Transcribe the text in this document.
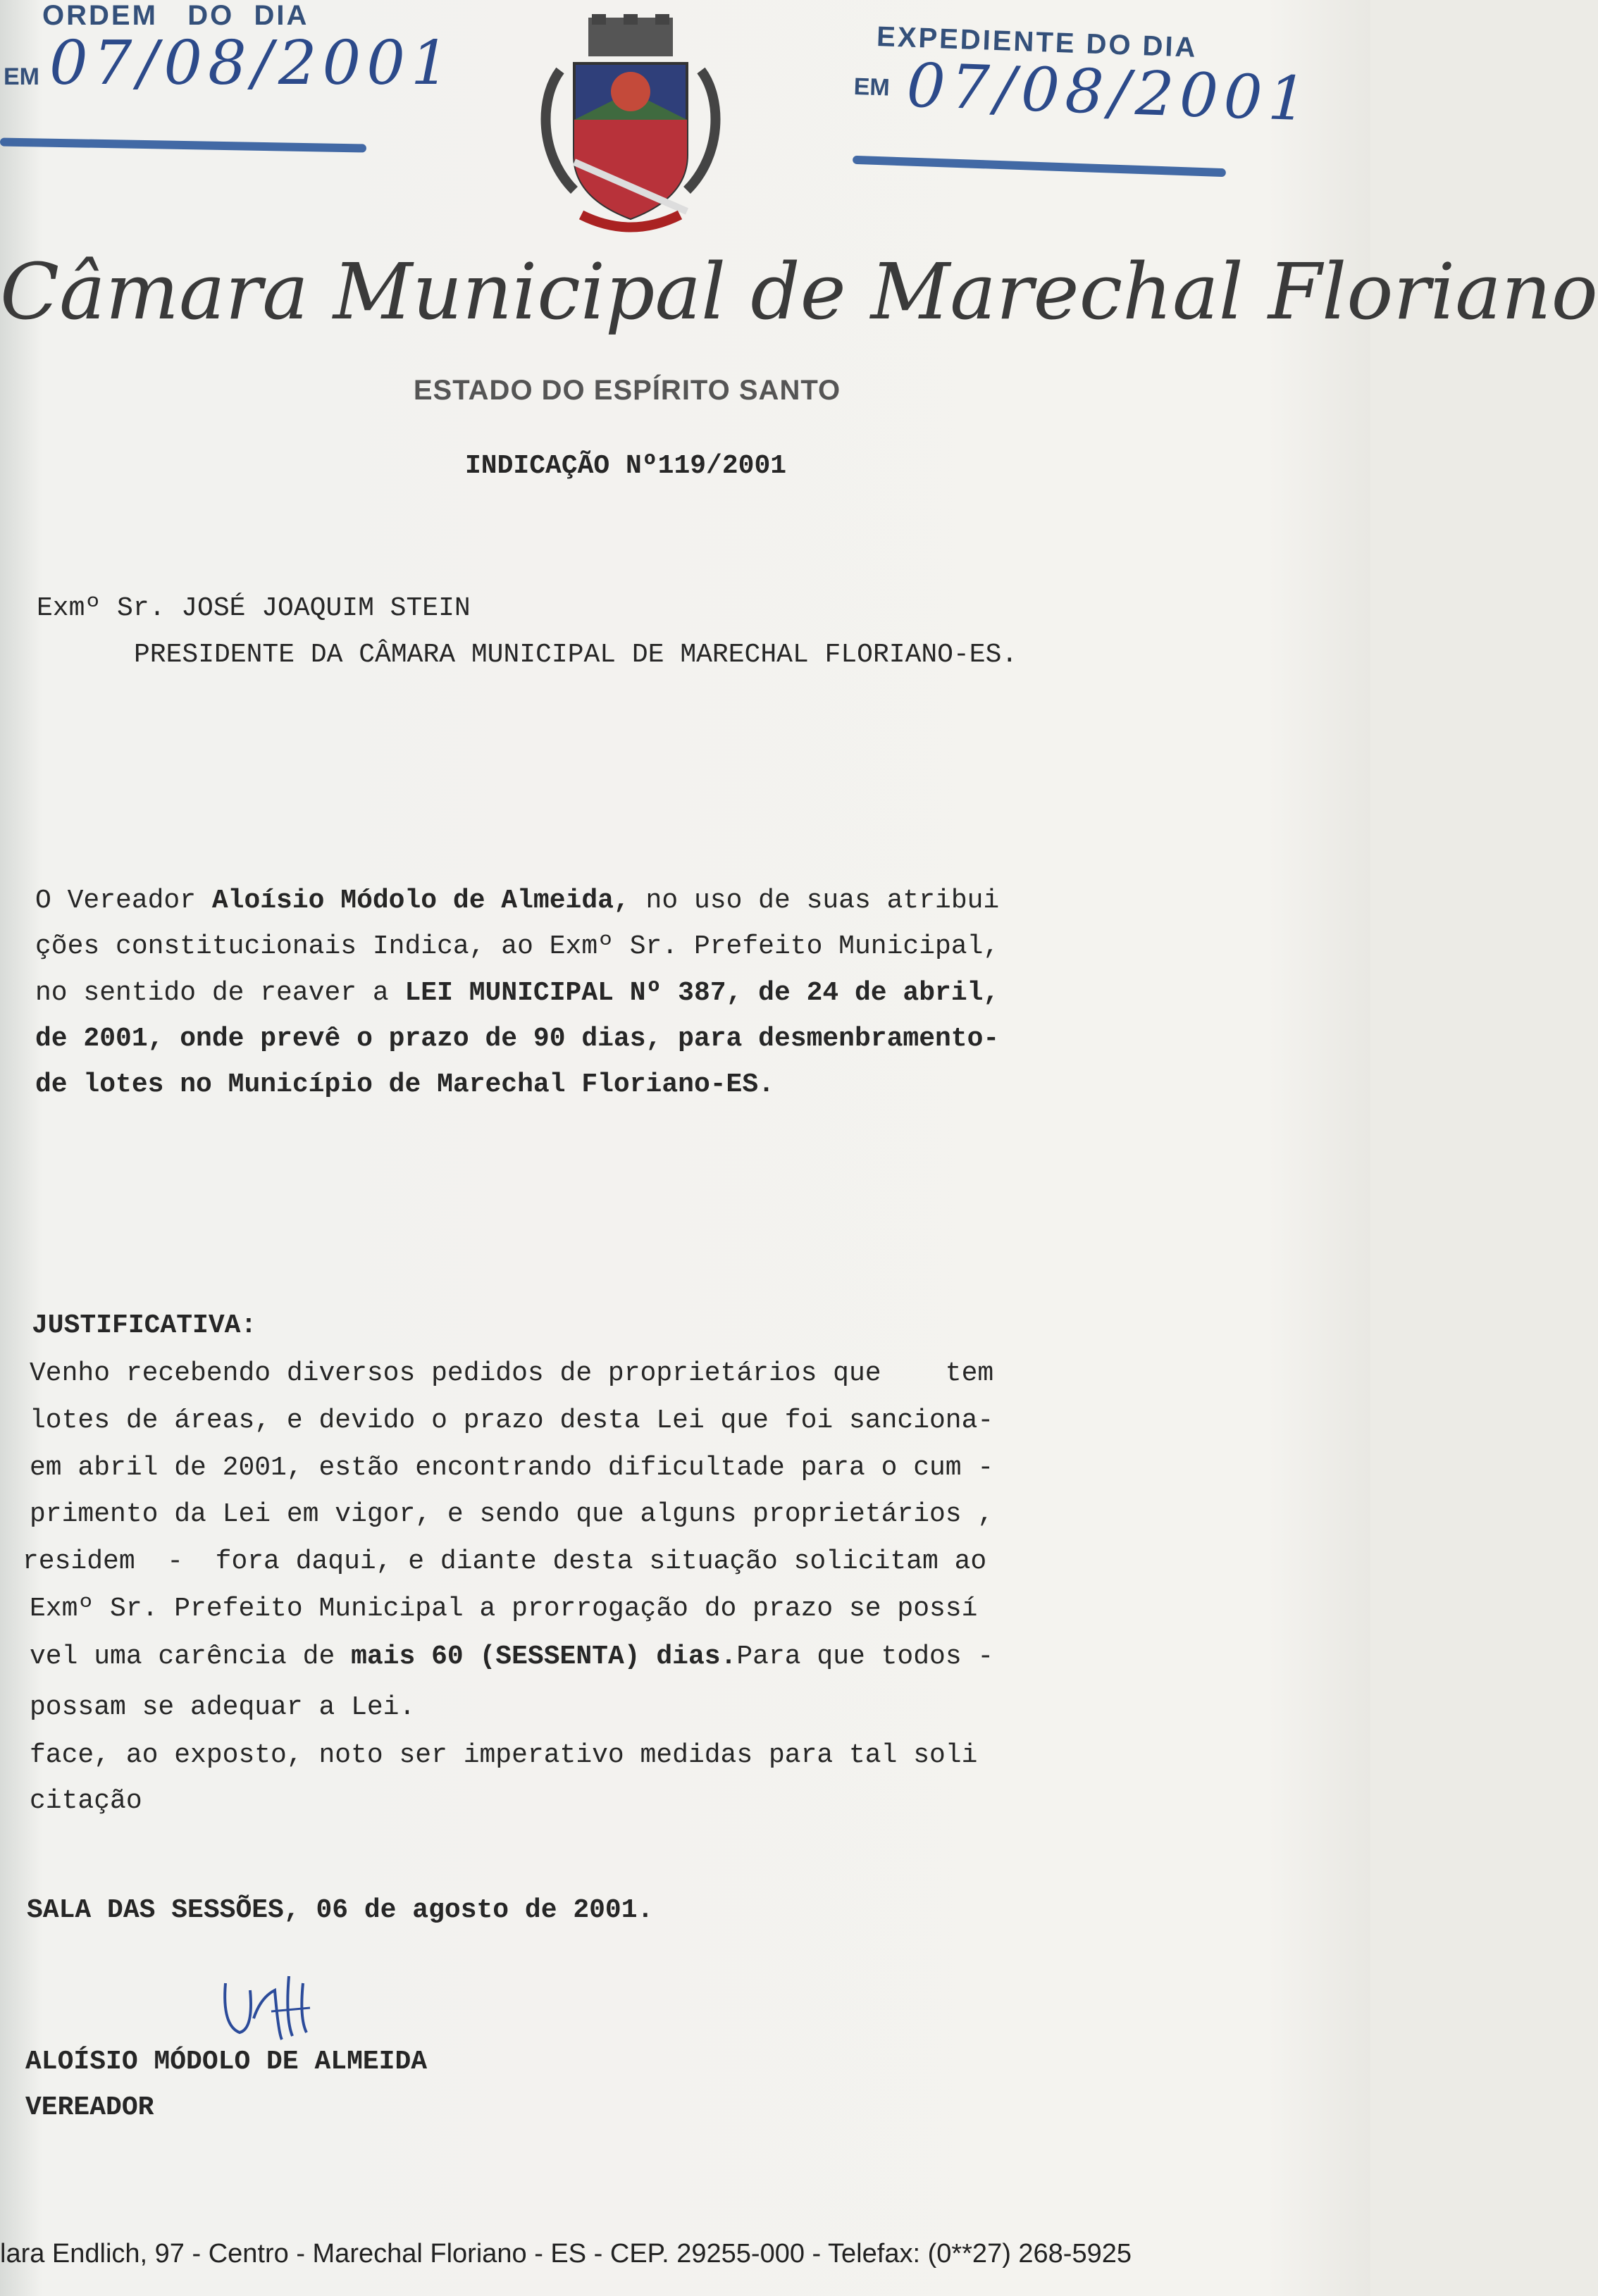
ORDEM   DO  DIA
EM 07/08/2001	EXPEDIENTE DO DIA
EM 07/08/2001
Câmara Municipal de Marechal Floriano
ESTADO DO ESPÍRITO SANTO
INDICAÇÃO Nº119/2001
Exmº Sr. JOSÉ JOAQUIM STEIN
PRESIDENTE DA CÂMARA MUNICIPAL DE MARECHAL FLORIANO-ES.
O Vereador Aloísio Módolo de Almeida, no uso de suas atribui
ções constitucionais Indica, ao Exmº Sr. Prefeito Municipal,
no sentido de reaver a LEI MUNICIPAL Nº 387, de 24 de abril,
de 2001, onde prevê o prazo de 90 dias, para desmenbramento-
de lotes no Município de Marechal Floriano-ES.
JUSTIFICATIVA:
Venho recebendo diversos pedidos de proprietários que    tem
lotes de áreas, e devido o prazo desta Lei que foi sanciona-
em abril de 2001, estão encontrando dificultade para o cum -
primento da Lei em vigor, e sendo que alguns proprietários ,
residem  -  fora daqui, e diante desta situação solicitam ao
Exmº Sr. Prefeito Municipal a prorrogação do prazo se possí
vel uma carência de mais 60 (SESSENTA) dias.Para que todos -
possam se adequar a Lei.
face, ao exposto, noto ser imperativo medidas para tal soli
citação
SALA DAS SESSÕES, 06 de agosto de 2001.
ALOÍSIO MÓDOLO DE ALMEIDA
VEREADOR
lara Endlich, 97 - Centro - Marechal Floriano - ES - CEP. 29255-000 - Telefax: (0**27) 268-5925
